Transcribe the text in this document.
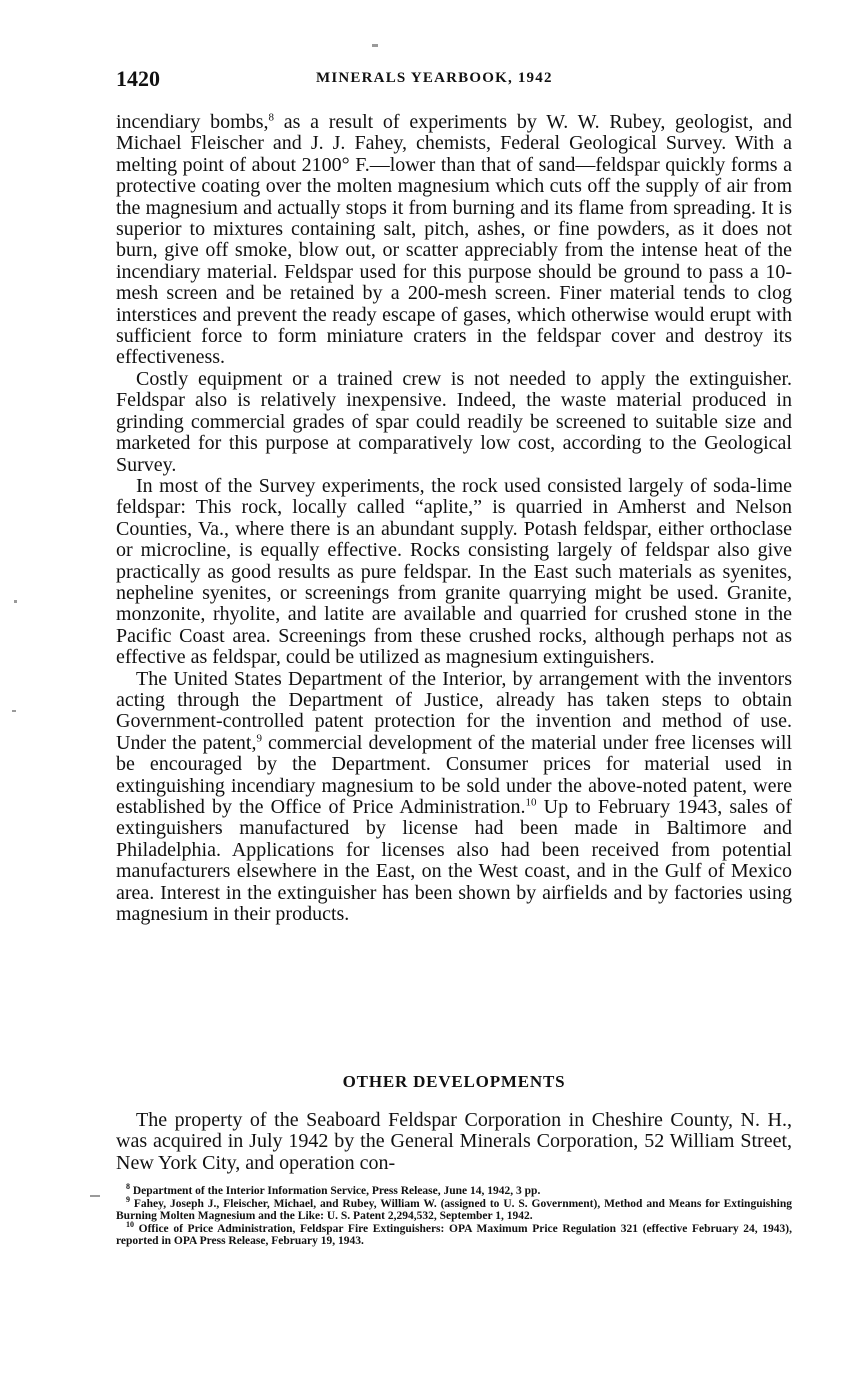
1420	MINERALS YEARBOOK, 1942

incendiary bombs,$^8$ as a result of experiments by W. W. Rubey, geologist, and Michael Fleischer and J. J. Fahey, chemists, Federal Geological Survey. With a melting point of about 2100° F.—lower than that of sand—feldspar quickly forms a protective coating over the molten magnesium which cuts off the supply of air from the magnesium and actually stops it from burning and its flame from spreading. It is superior to mixtures containing salt, pitch, ashes, or fine powders, as it does not burn, give off smoke, blow out, or scatter appreciably from the intense heat of the incendiary material. Feldspar used for this purpose should be ground to pass a 10-mesh screen and be retained by a 200-mesh screen. Finer material tends to clog interstices and prevent the ready escape of gases, which otherwise would erupt with sufficient force to form miniature craters in the feldspar cover and destroy its effectiveness.

Costly equipment or a trained crew is not needed to apply the extinguisher. Feldspar also is relatively inexpensive. Indeed, the waste material produced in grinding commercial grades of spar could readily be screened to suitable size and marketed for this purpose at comparatively low cost, according to the Geological Survey.

In most of the Survey experiments, the rock used consisted largely of soda-lime feldspar: This rock, locally called “aplite,” is quarried in Amherst and Nelson Counties, Va., where there is an abundant supply. Potash feldspar, either orthoclase or microcline, is equally effective. Rocks consisting largely of feldspar also give practically as good results as pure feldspar. In the East such materials as syenites, nepheline syenites, or screenings from granite quarrying might be used. Granite, monzonite, rhyolite, and latite are available and quarried for crushed stone in the Pacific Coast area. Screenings from these crushed rocks, although perhaps not as effective as feldspar, could be utilized as magnesium extinguishers.

The United States Department of the Interior, by arrangement with the inventors acting through the Department of Justice, already has taken steps to obtain Government-controlled patent protection for the invention and method of use. Under the patent,$^9$ commercial development of the material under free licenses will be encouraged by the Department. Consumer prices for material used in extinguishing incendiary magnesium to be sold under the above-noted patent, were established by the Office of Price Administration.$^{10}$ Up to February 1943, sales of extinguishers manufactured by license had been made in Baltimore and Philadelphia. Applications for licenses also had been received from potential manufacturers elsewhere in the East, on the West coast, and in the Gulf of Mexico area. Interest in the extinguisher has been shown by airfields and by factories using magnesium in their products.

OTHER DEVELOPMENTS

The property of the Seaboard Feldspar Corporation in Cheshire County, N. H., was acquired in July 1942 by the General Minerals Corporation, 52 William Street, New York City, and operation con-

$^8$ Department of the Interior Information Service, Press Release, June 14, 1942, 3 pp.

$^9$ Fahey, Joseph J., Fleischer, Michael, and Rubey, William W. (assigned to U. S. Government), Method and Means for Extinguishing Burning Molten Magnesium and the Like: U. S. Patent 2,294,532, September 1, 1942.

$^{10}$ Office of Price Administration, Feldspar Fire Extinguishers: OPA Maximum Price Regulation 321 (effective February 24, 1943), reported in OPA Press Release, February 19, 1943.
